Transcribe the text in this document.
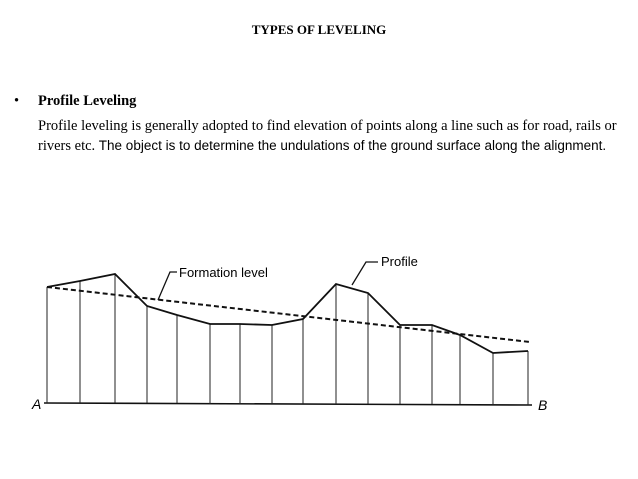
TYPES OF LEVELING
• Profile Leveling
Profile leveling is generally adopted to find elevation of points along a line such as for road, rails or rivers etc. The object is to determine the undulations of the ground surface along the alignment.
Formation level
Profile
A	B
